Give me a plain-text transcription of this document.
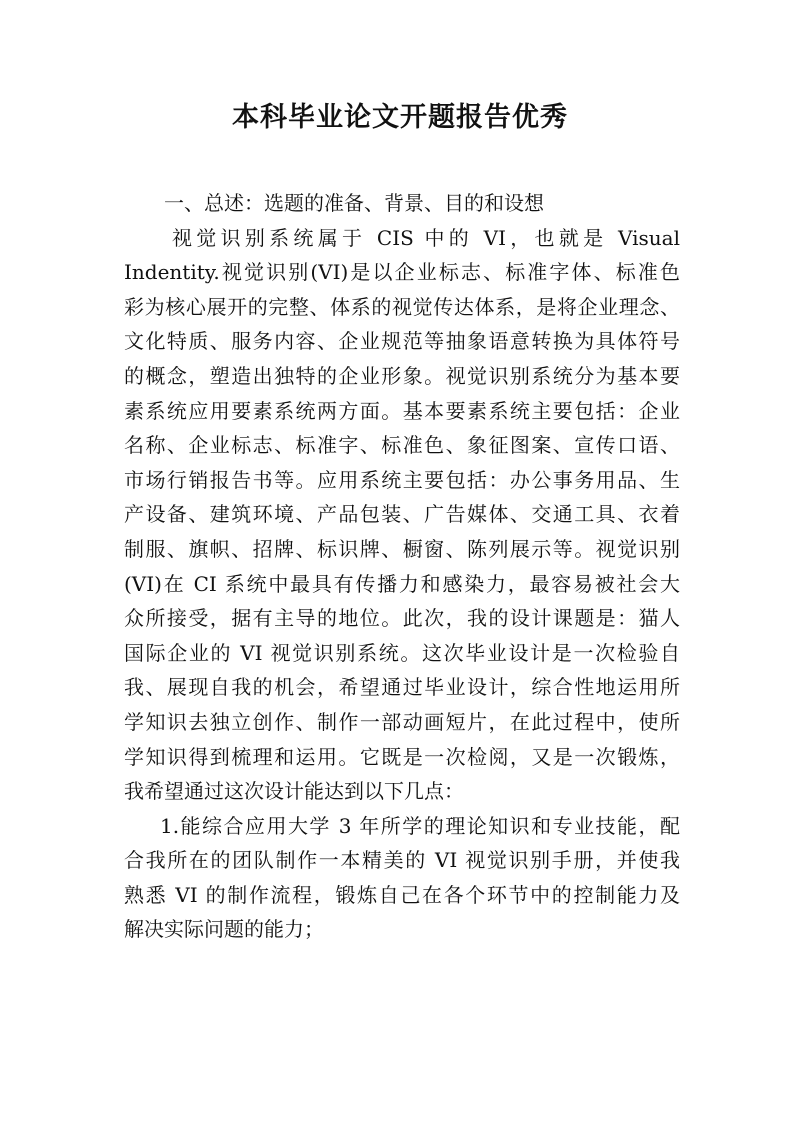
本科毕业论文开题报告优秀
一、总述：选题的准备、背景、目的和设想
视觉识别系统属于 CIS 中的 VI，也就是 Visual
Indentity.视觉识别(VI)是以企业标志、标准字体、标准色
彩为核心展开的完整、体系的视觉传达体系，是将企业理念、
文化特质、服务内容、企业规范等抽象语意转换为具体符号
的概念，塑造出独特的企业形象。视觉识别系统分为基本要
素系统应用要素系统两方面。基本要素系统主要包括：企业
名称、企业标志、标准字、标准色、象征图案、宣传口语、
市场行销报告书等。应用系统主要包括：办公事务用品、生
产设备、建筑环境、产品包装、广告媒体、交通工具、衣着
制服、旗帜、招牌、标识牌、橱窗、陈列展示等。视觉识别
(VI)在 CI 系统中最具有传播力和感染力，最容易被社会大
众所接受，据有主导的地位。此次，我的设计课题是：猫人
国际企业的 VI 视觉识别系统。这次毕业设计是一次检验自
我、展现自我的机会，希望通过毕业设计，综合性地运用所
学知识去独立创作、制作一部动画短片，在此过程中，使所
学知识得到梳理和运用。它既是一次检阅，又是一次锻炼，
我希望通过这次设计能达到以下几点：
1.能综合应用大学 3 年所学的理论知识和专业技能，配
合我所在的团队制作一本精美的 VI 视觉识别手册，并使我
熟悉 VI 的制作流程，锻炼自己在各个环节中的控制能力及
解决实际问题的能力；
